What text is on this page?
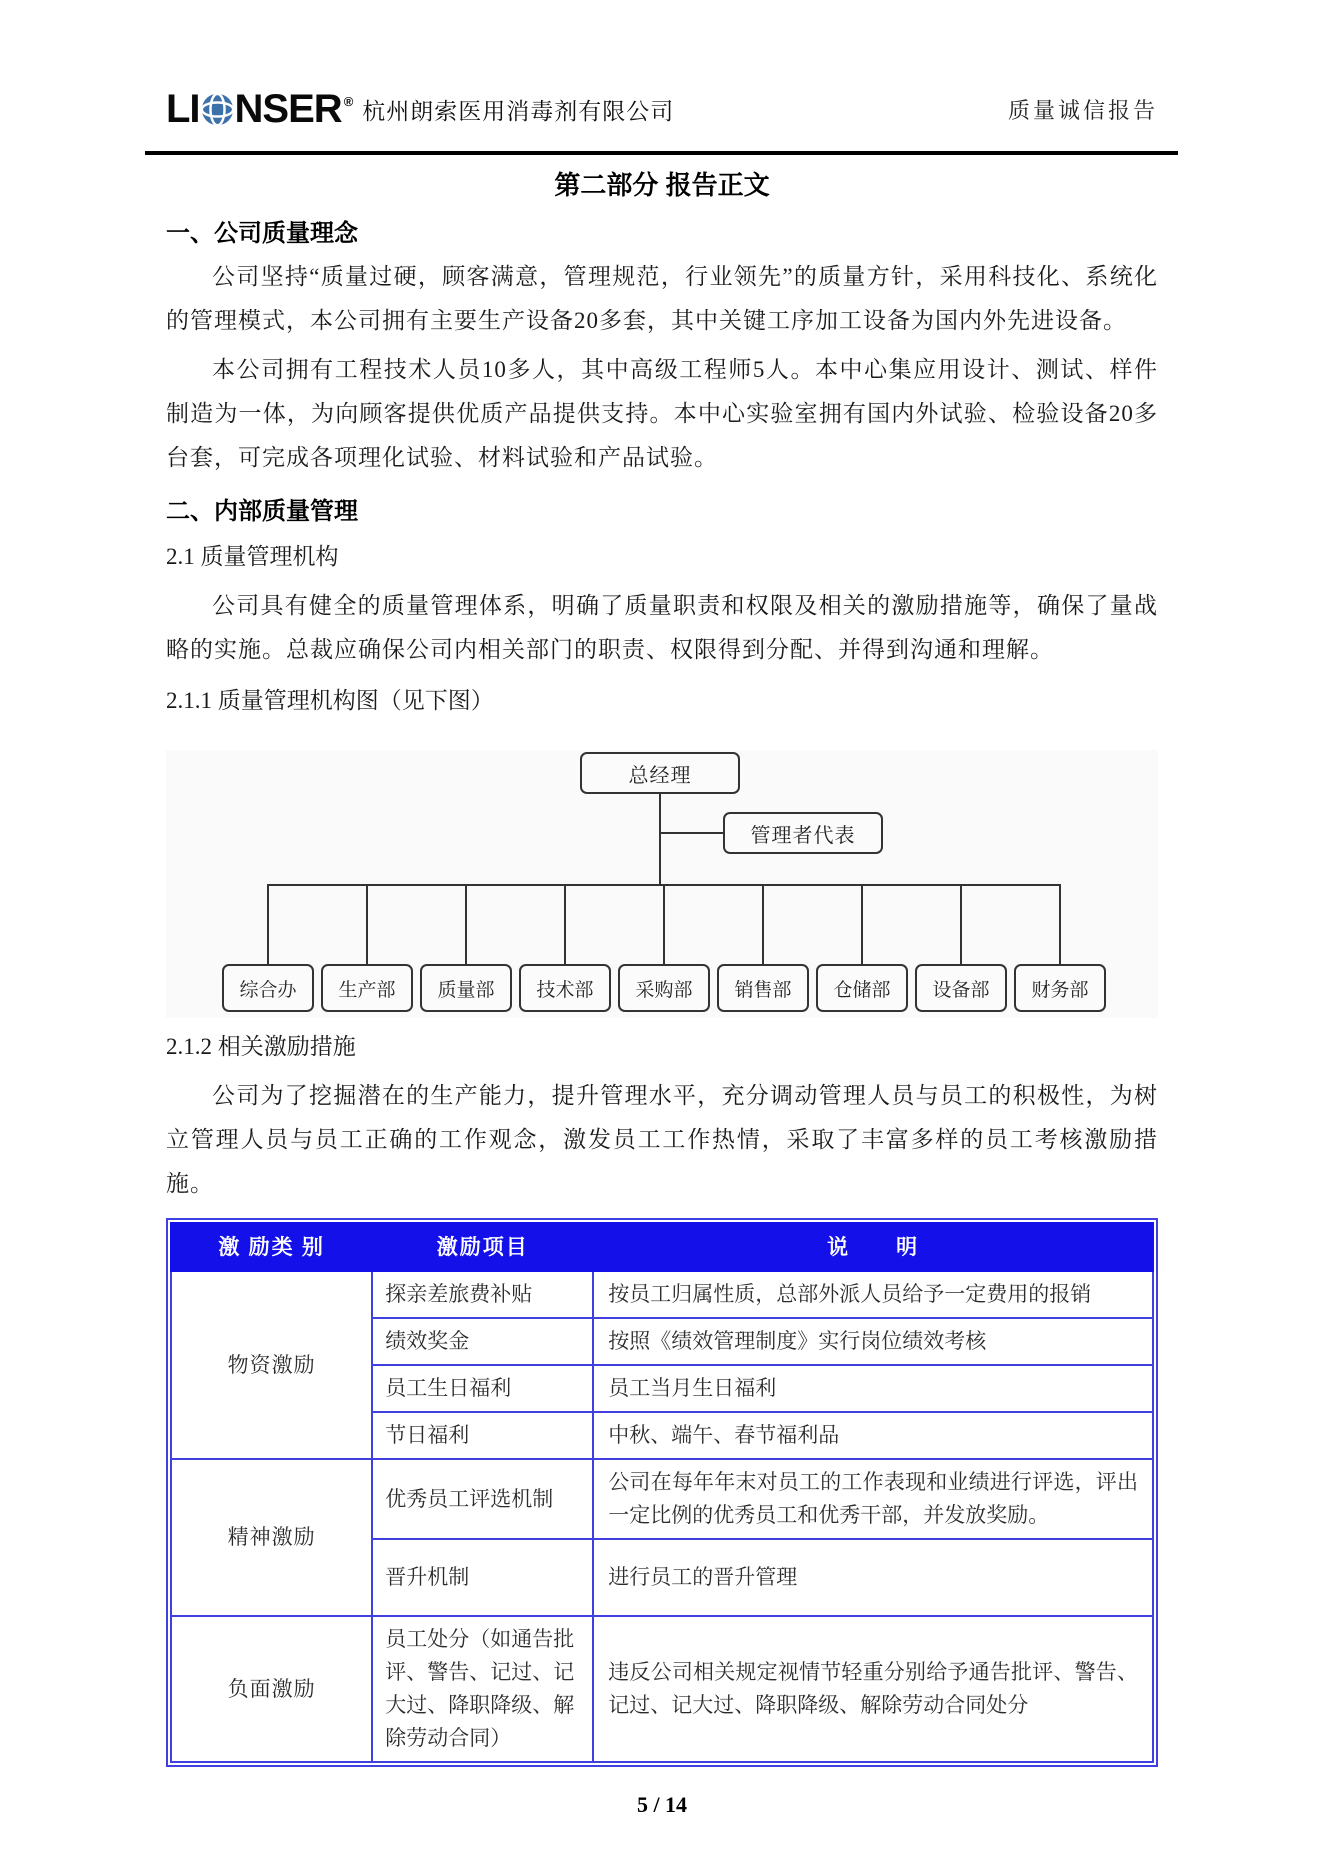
LI NSER® 杭州朗索医用消毒剂有限公司	质量诚信报告
第二部分 报告正文
一、公司质量理念

公司坚持“质量过硬，顾客满意，管理规范，行业领先”的质量方针，采用科技化、系统化的管理模式，本公司拥有主要生产设备20多套，其中关键工序加工设备为国内外先进设备。

本公司拥有工程技术人员10多人，其中高级工程师5人。本中心集应用设计、测试、样件制造为一体，为向顾客提供优质产品提供支持。本中心实验室拥有国内外试验、检验设备20多台套，可完成各项理化试验、材料试验和产品试验。

二、内部质量管理
2.1 质量管理机构

公司具有健全的质量管理体系，明确了质量职责和权限及相关的激励措施等，确保了量战略的实施。总裁应确保公司内相关部门的职责、权限得到分配、并得到沟通和理解。

2.1.1 质量管理机构图（见下图）
总经理
管理者代表
综合办	生产部	质量部	技术部	采购部	销售部	仓储部	设备部	财务部
2.1.2 相关激励措施

公司为了挖掘潜在的生产能力，提升管理水平，充分调动管理人员与员工的积极性，为树立管理人员与员工正确的工作观念，激发员工工作热情，采取了丰富多样的员工考核激励措施。

激 励类 别	激励项目	说　　明
物资激励	探亲差旅费补贴	按员工归属性质，总部外派人员给予一定费用的报销
	绩效奖金	按照《绩效管理制度》实行岗位绩效考核
	员工生日福利	员工当月生日福利
	节日福利	中秋、端午、春节福利品
精神激励	优秀员工评选机制	公司在每年年末对员工的工作表现和业绩进行评选，评出一定比例的优秀员工和优秀干部，并发放奖励。
	晋升机制	进行员工的晋升管理
负面激励	员工处分（如通告批评、警告、记过、记大过、降职降级、解除劳动合同）	违反公司相关规定视情节轻重分别给予通告批评、警告、记过、记大过、降职降级、解除劳动合同处分
5 / 14
